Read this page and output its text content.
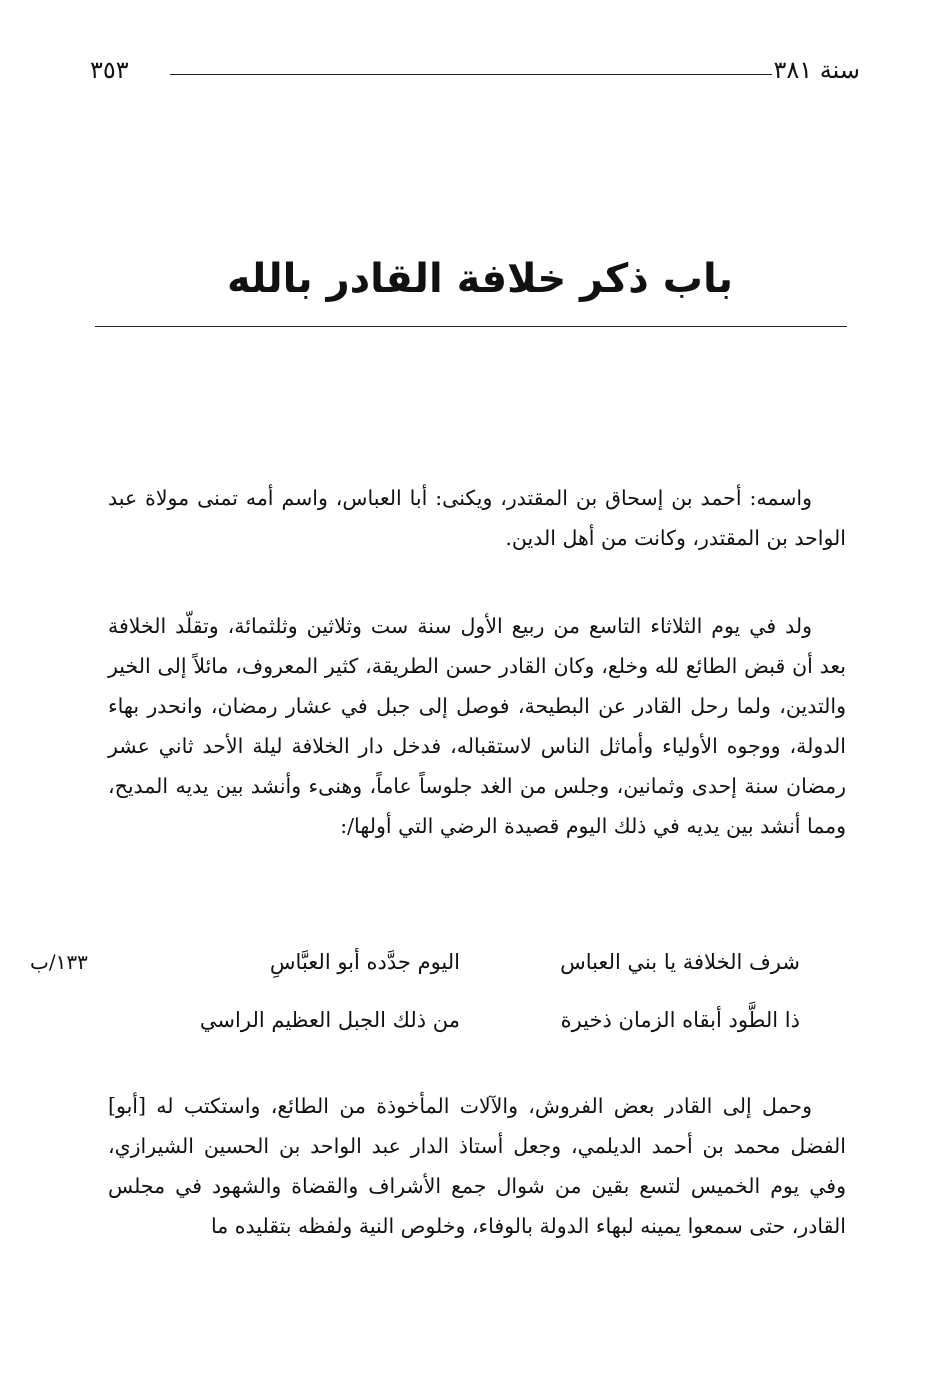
سنة ٣٨١
٣٥٣
باب ذكر خلافة القادر بالله
واسمه: أحمد بن إسحاق بن المقتدر، ويكنى: أبا العباس، واسم أمه تمنى مولاة عبد الواحد بن المقتدر، وكانت من أهل الدين.
ولد في يوم الثلاثاء التاسع من ربيع الأول سنة ست وثلاثين وثلثمائة، وتقلّد الخلافة بعد أن قبض الطائع لله وخلع، وكان القادر حسن الطريقة، كثير المعروف، مائلاً إلى الخير والتدين، ولما رحل القادر عن البطيحة، فوصل إلى جبل في عشار رمضان، وانحدر بهاء الدولة، ووجوه الأولياء وأماثل الناس لاستقباله، فدخل دار الخلافة ليلة الأحد ثاني عشر رمضان سنة إحدى وثمانين، وجلس من الغد جلوساً عاماً، وهنىء وأنشد بين يديه المديح، ومما أنشد بين يديه في ذلك اليوم قصيدة الرضي التي أولها/:
١٣٣/ب	شرف الخلافة يا بني العباس
اليوم جدَّده أبو العبَّاسِ
ذا الطَّود أبقاه الزمان ذخيرة
من ذلك الجبل العظيم الراسي
وحمل إلى القادر بعض الفروش، والآلات المأخوذة من الطائع، واستكتب له [أبو] الفضل محمد بن أحمد الديلمي، وجعل أستاذ الدار عبد الواحد بن الحسين الشيرازي، وفي يوم الخميس لتسع بقين من شوال جمع الأشراف والقضاة والشهود في مجلس القادر، حتى سمعوا يمينه لبهاء الدولة بالوفاء، وخلوص النية ولفظه بتقليده ما
